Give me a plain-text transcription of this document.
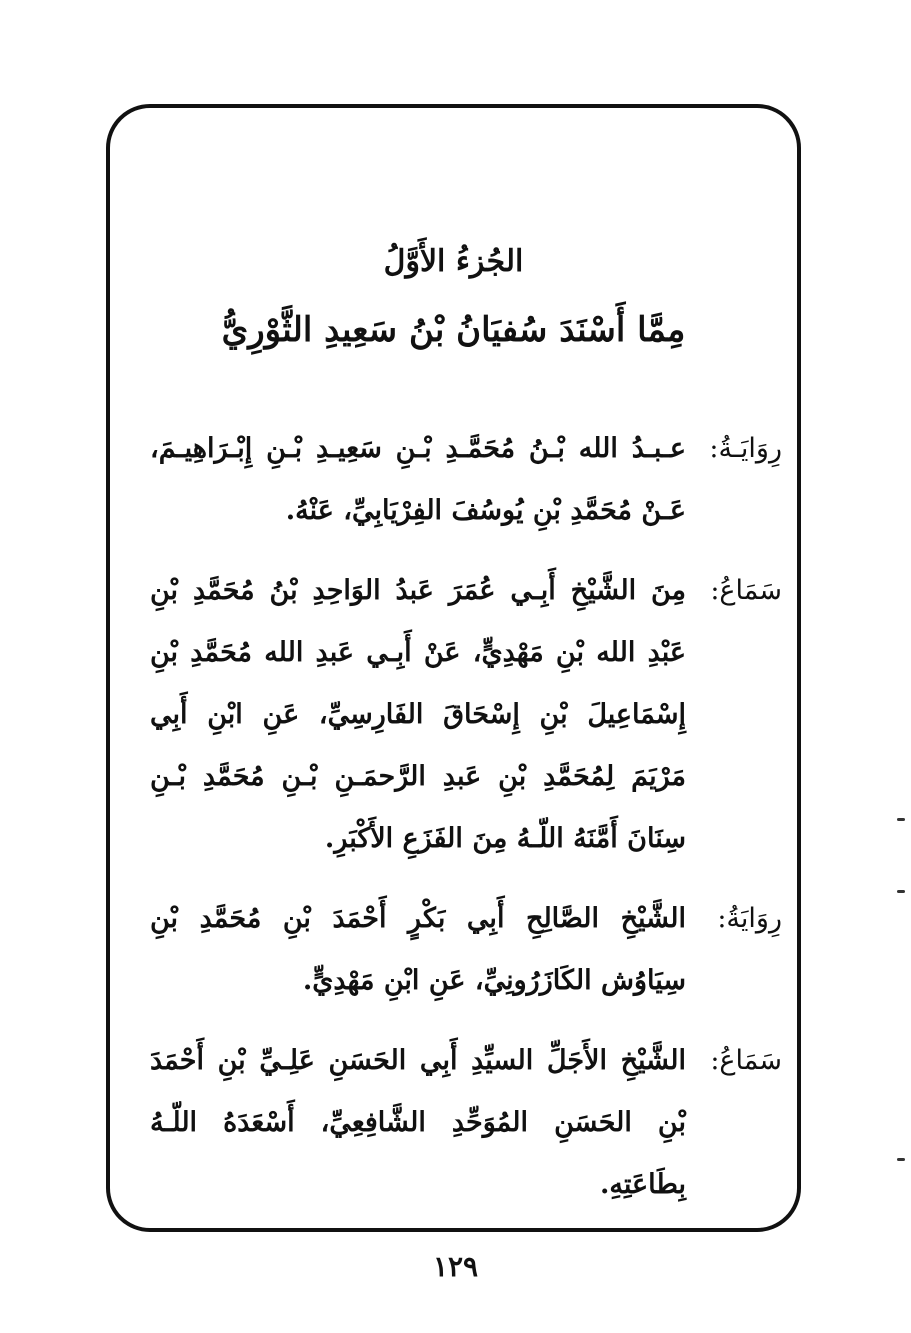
الجُزءُ الأَوَّلُ
مِمَّا أَسْنَدَ سُفيَانُ بْنُ سَعِيدِ الثَّوْرِيُّ
رِوَايَـةُ:
عـبـدُ الله بْـنُ مُحَمَّـدِ بْـنِ سَعِيـدِ بْـنِ إِبْـرَاهِيـمَ، عَـنْ مُحَمَّدِ بْنِ يُوسُفَ الفِرْيَابِيِّ، عَنْهُ.
سَمَاعُ:
مِنَ الشَّيْخِ أَبِـي عُمَرَ عَبدُ الوَاحِدِ بْنُ مُحَمَّدِ بْنِ عَبْدِ الله بْنِ مَهْدِيٍّ، عَنْ أَبِـي عَبدِ الله مُحَمَّدِ بْنِ إِسْمَاعِيلَ بْنِ إِسْحَاقَ الفَارِسِيِّ، عَنِ ابْنِ أَبِي مَرْيَمَ لِمُحَمَّدِ بْنِ عَبدِ الرَّحمَـنِ بْـنِ مُحَمَّدِ بْـنِ سِنَانَ أَمَّنَهُ اللّـهُ مِنَ الفَزَعِ الأَكْبَرِ.
رِوَايَةُ:
الشَّيْخِ الصَّالِحِ أَبِي بَكْرٍ أَحْمَدَ بْنِ مُحَمَّدِ بْنِ سِيَاوُش الكَازَرُونِيِّ، عَنِ ابْنِ مَهْدِيٍّ.
سَمَاعُ:
الشَّيْخِ الأَجَلِّ السيِّدِ أَبِي الحَسَنِ عَلِـيِّ بْنِ أَحْمَدَ بْنِ الحَسَنِ المُوَحِّدِ الشَّافِعِيِّ، أَسْعَدَهُ اللّـهُ بِطَاعَتِهِ.
١٢٩
